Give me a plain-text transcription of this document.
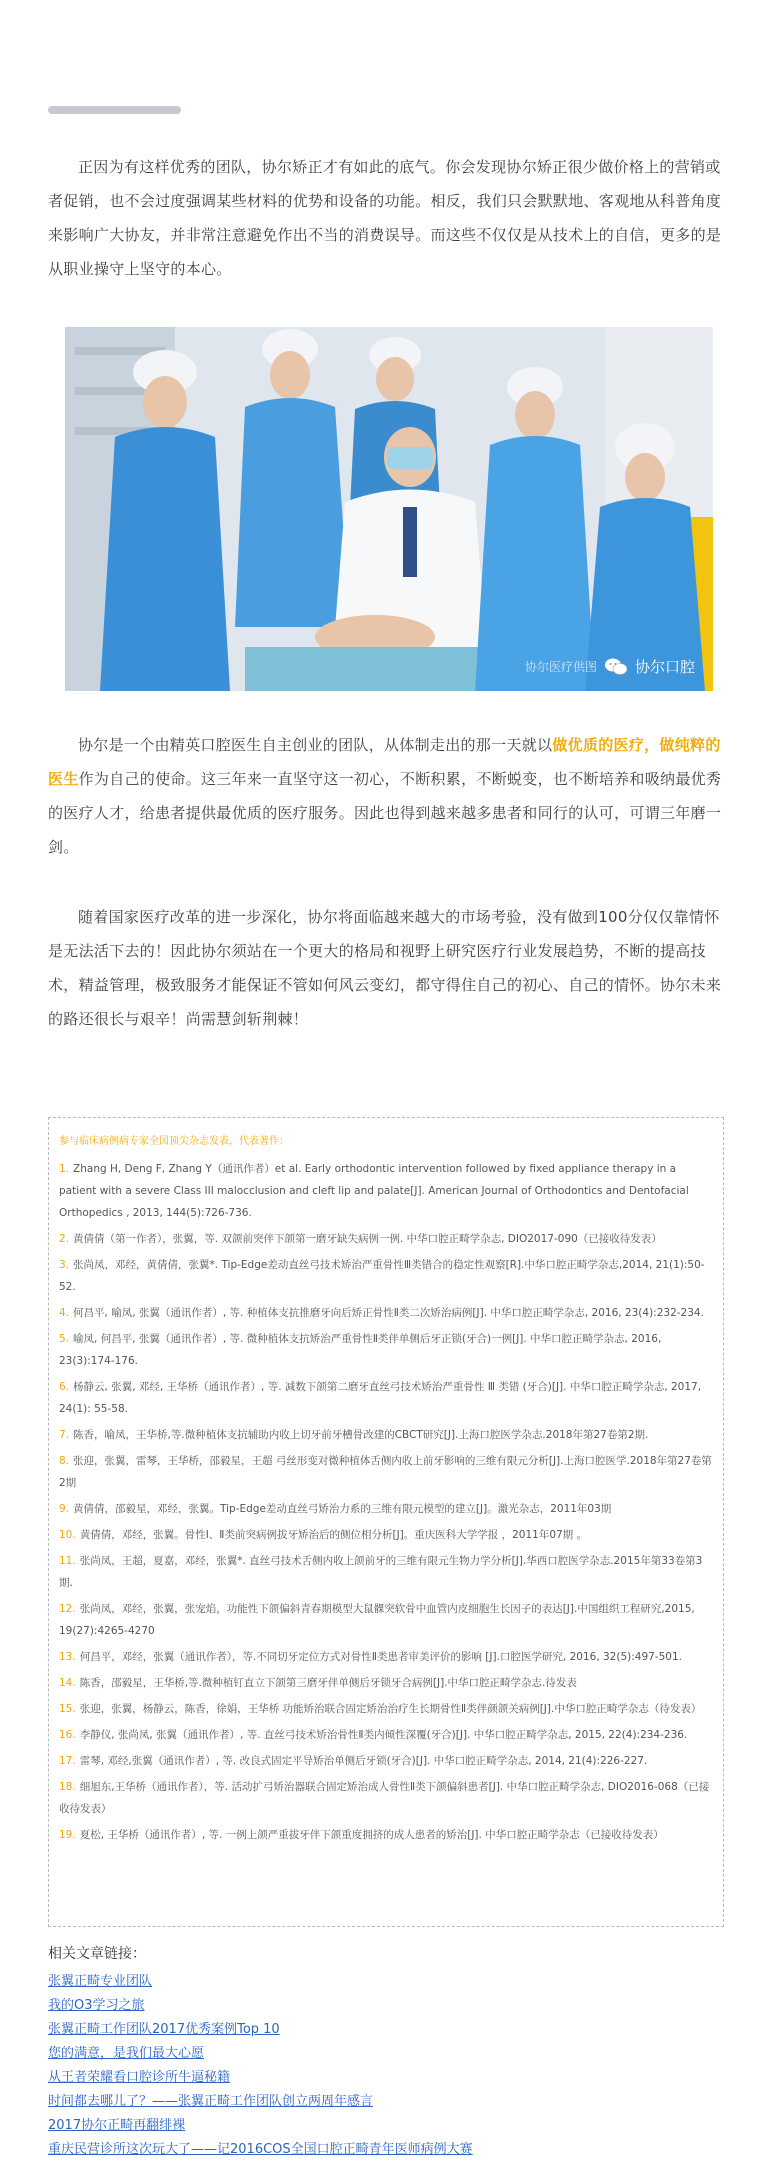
正因为有这样优秀的团队，协尔矫正才有如此的底气。你会发现协尔矫正很少做价格上的营销或者促销，也不会过度强调某些材料的优势和设备的功能。相反，我们只会默默地、客观地从科普角度来影响广大协友，并非常注意避免作出不当的消费误导。而这些不仅仅是从技术上的自信，更多的是从职业操守上坚守的本心。

协尔医疗供图	协尔口腔

协尔是一个由精英口腔医生自主创业的团队，从体制走出的那一天就以做优质的医疗，做纯粹的医生作为自己的使命。这三年来一直坚守这一初心，不断积累，不断蜕变，也不断培养和吸纳最优秀的医疗人才，给患者提供最优质的医疗服务。因此也得到越来越多患者和同行的认可，可谓三年磨一剑。

随着国家医疗改革的进一步深化，协尔将面临越来越大的市场考验，没有做到100分仅仅靠情怀是无法活下去的！因此协尔须站在一个更大的格局和视野上研究医疗行业发展趋势，不断的提高技术，精益管理，极致服务才能保证不管如何风云变幻，都守得住自己的初心、自己的情怀。协尔未来的路还很长与艰辛！尚需慧剑斩荆棘！

参与临床病例病专家全国顶尖杂志发表，代表著作：

1. Zhang H, Deng F, Zhang Y（通讯作者）et al. Early orthodontic intervention followed by fixed appliance therapy in a patient with a severe Class III malocclusion and cleft lip and palate[J]. American Journal of Orthodontics and Dentofacial Orthopedics , 2013, 144(5):726-736.
2. 黄倩倩（第一作者），张翼，等. 双颌前突伴下颌第一磨牙缺失病例一例. 中华口腔正畸学杂志, DIO2017-090（已接收待发表）
3. 张尚凤，邓经，黄倩倩，张翼*. Tip-Edge差动直丝弓技术矫治严重骨性Ⅲ类错合的稳定性观察[R].中华口腔正畸学杂志,2014, 21(1):50-52.
4. 何昌平, 喻凤, 张翼（通讯作者）, 等. 种植体支抗推磨牙向后矫正骨性Ⅱ类二次矫治病例[J]. 中华口腔正畸学杂志, 2016, 23(4):232-234.
5. 喻凤, 何昌平, 张翼（通讯作者）, 等. 微种植体支抗矫治严重骨性Ⅱ类伴单侧后牙正锁(牙合)一例[J]. 中华口腔正畸学杂志, 2016, 23(3):174-176.
6. 杨静云, 张翼, 邓经, 王华桥（通讯作者）, 等. 减数下颌第二磨牙直丝弓技术矫治严重骨性 Ⅲ 类错 (牙合)[J]. 中华口腔正畸学杂志, 2017, 24(1): 55-58.
7. 陈香，喻凤，王华桥,等.微种植体支抗辅助内收上切牙前牙槽骨改建的CBCT研究[J].上海口腔医学杂志.2018年第27卷第2期.
8. 张迎，张翼，雷琴，王华桥，邵毅星，王超 弓丝形变对微种植体舌侧内收上前牙影响的三维有限元分析[J].上海口腔医学.2018年第27卷第2期
9. 黄倩倩，邵毅星，邓经，张翼。Tip-Edge差动直丝弓矫治力系的三维有限元模型的建立[J]。激光杂志，2011年03期
10. 黄倩倩，邓经，张翼。骨性Ⅰ、Ⅱ类前突病例拔牙矫治后的侧位相分析[J]。重庆医科大学学报 ，2011年07期 。
11. 张尚凤，王超，夏嘉，邓经，张翼*. 直丝弓技术舌侧内收上颌前牙的三维有限元生物力学分析[J].华西口腔医学杂志.2015年第33卷第3期.
12. 张尚凤，邓经，张翼，张宠焰，功能性下颌偏斜青春期模型大鼠髁突软骨中血管内皮细胞生长因子的表达[J].中国组织工程研究,2015, 19(27):4265-4270
13. 何昌平，邓经，张翼（通讯作者），等.不同切牙定位方式对骨性Ⅱ类患者审美评价的影响 [J].口腔医学研究, 2016, 32(5):497-501.
14. 陈香，邵毅星，王华桥,等.微种植钉直立下颌第三磨牙伴单侧后牙锁牙合病例[J].中华口腔正畸学杂志.待发表
15. 张迎，张翼，杨静云，陈香，徐娟，王华桥 功能矫治联合固定矫治治疗生长期骨性Ⅱ类伴颜颌关病例[J].中华口腔正畸学杂志（待发表）
16. 李静仪, 张尚凤, 张翼（通讯作者）, 等. 直丝弓技术矫治骨性Ⅱ类内倾性深覆(牙合)[J]. 中华口腔正畸学杂志, 2015, 22(4):234-236.
17. 雷琴, 邓经,张翼（通讯作者）, 等. 改良式固定平导矫治单侧后牙锁(牙合)[J]. 中华口腔正畸学杂志, 2014, 21(4):226-227.
18. 细旭东,王华桥（通讯作者），等. 活动扩弓矫治器联合固定矫治成人骨性Ⅱ类下颌偏斜患者[J]. 中华口腔正畸学杂志, DIO2016-068（已接收待发表）
19. 夏松, 王华桥（通讯作者）, 等. 一例上颌严重拔牙伴下颌重度拥挤的成人患者的矫治[J]. 中华口腔正畸学杂志（已接收待发表）

相关文章链接：

张翼正畸专业团队
我的O3学习之旅
张翼正畸工作团队2017优秀案例Top 10
您的满意，是我们最大心愿
从王者荣耀看口腔诊所牛逼秘籍
时间都去哪儿了？——张翼正畸工作团队创立两周年感言
2017协尔正畸再翻绯裸
重庆民营诊所这次玩大了——记2016COS全国口腔正畸青年医师病例大赛
